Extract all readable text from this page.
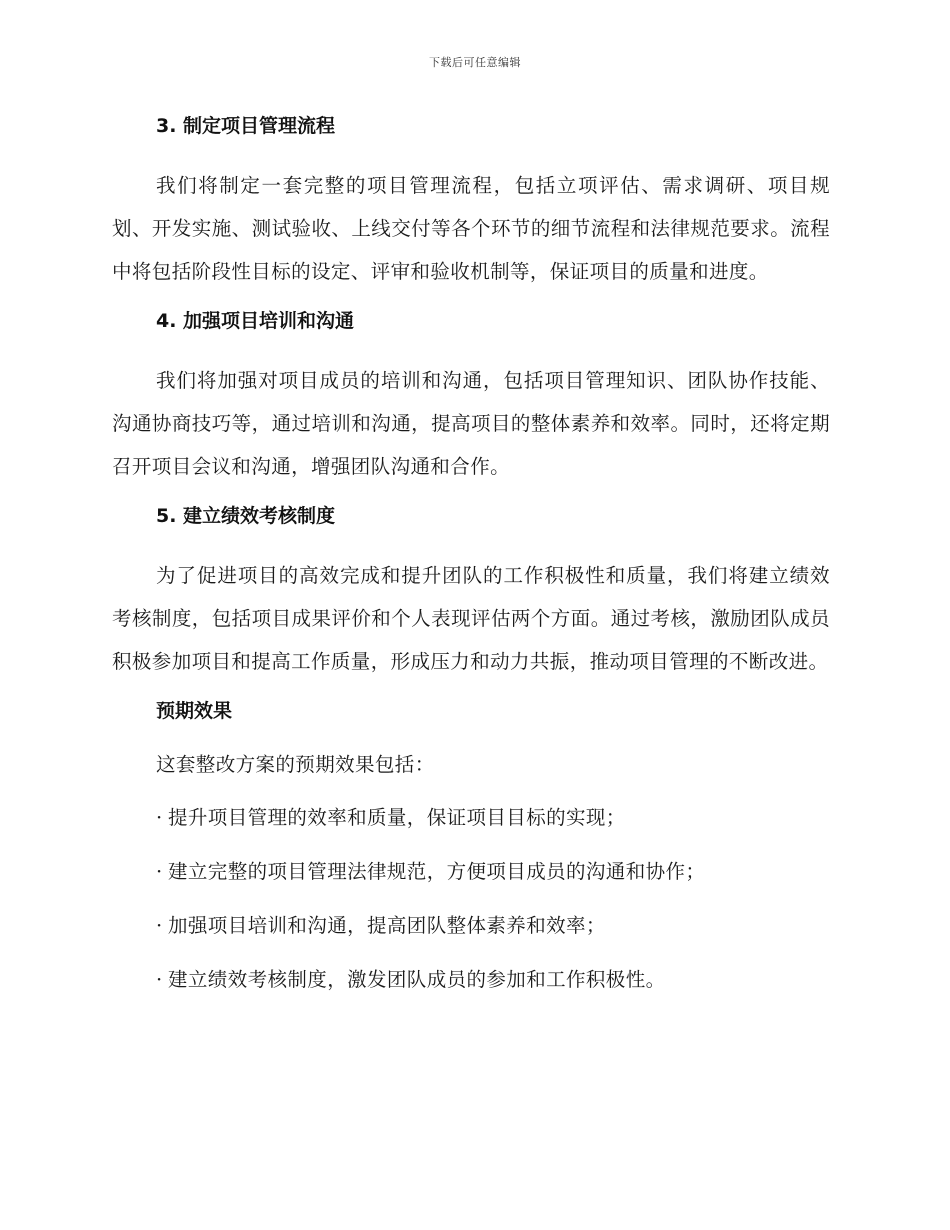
下载后可任意编辑
3. 制定项目管理流程

我们将制定一套完整的项目管理流程，包括立项评估、需求调研、项目规划、开发实施、测试验收、上线交付等各个环节的细节流程和法律规范要求。流程中将包括阶段性目标的设定、评审和验收机制等，保证项目的质量和进度。

4. 加强项目培训和沟通

我们将加强对项目成员的培训和沟通，包括项目管理知识、团队协作技能、沟通协商技巧等，通过培训和沟通，提高项目的整体素养和效率。同时，还将定期召开项目会议和沟通，增强团队沟通和合作。

5. 建立绩效考核制度

为了促进项目的高效完成和提升团队的工作积极性和质量，我们将建立绩效考核制度，包括项目成果评价和个人表现评估两个方面。通过考核，激励团队成员积极参加项目和提高工作质量，形成压力和动力共振，推动项目管理的不断改进。

预期效果

这套整改方案的预期效果包括：

· 提升项目管理的效率和质量，保证项目目标的实现；
· 建立完整的项目管理法律规范，方便项目成员的沟通和协作；
· 加强项目培训和沟通，提高团队整体素养和效率；
· 建立绩效考核制度，激发团队成员的参加和工作积极性。
